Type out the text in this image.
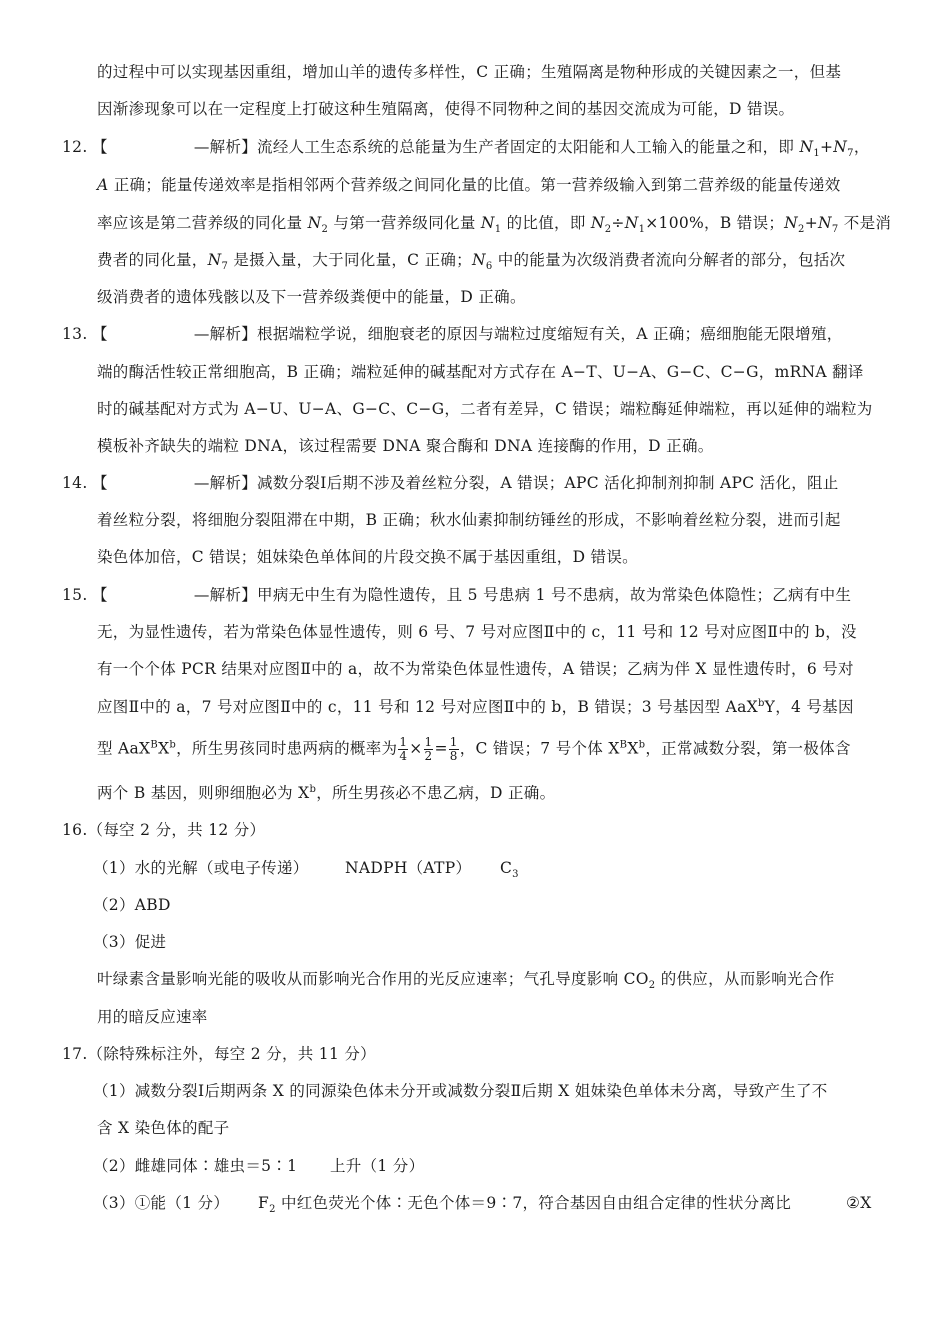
的过程中可以实现基因重组，增加山羊的遗传多样性，C 正确；生殖隔离是物种形成的关键因素之一，但基
因渐渗现象可以在一定程度上打破这种生殖隔离，使得不同物种之间的基因交流成为可能，D 错误。
12. 【	—解析】流经人工生态系统的总能量为生产者固定的太阳能和人工输入的能量之和，即 $N_1+N_7$，
A 正确；能量传递效率是指相邻两个营养级之间同化量的比值。第一营养级输入到第二营养级的能量传递效
率应该是第二营养级的同化量 $N_2$ 与第一营养级同化量 $N_1$ 的比值，即 $N_2\div N_1\times 100\%$，B 错误；$N_2+N_7$ 不是消
费者的同化量，$N_7$ 是摄入量，大于同化量，C 正确；$N_6$ 中的能量为次级消费者流向分解者的部分，包括次
级消费者的遗体残骸以及下一营养级粪便中的能量，D 正确。
13. 【	—解析】根据端粒学说，细胞衰老的原因与端粒过度缩短有关，A 正确；癌细胞能无限增殖，
端的酶活性较正常细胞高，B 正确；端粒延伸的碱基配对方式存在 A−T、U−A、G−C、C−G，mRNA 翻译
时的碱基配对方式为 A−U、U−A、G−C、C−G，二者有差异，C 错误；端粒酶延伸端粒，再以延伸的端粒为
模板补齐缺失的端粒 DNA，该过程需要 DNA 聚合酶和 DNA 连接酶的作用，D 正确。
14. 【	—解析】减数分裂Ⅰ后期不涉及着丝粒分裂，A 错误；APC 活化抑制剂抑制 APC 活化，阻止
着丝粒分裂，将细胞分裂阻滞在中期，B 正确；秋水仙素抑制纺锤丝的形成，不影响着丝粒分裂，进而引起
染色体加倍，C 错误；姐妹染色单体间的片段交换不属于基因重组，D 错误。
15. 【	—解析】甲病无中生有为隐性遗传，且 5 号患病 1 号不患病，故为常染色体隐性；乙病有中生
无，为显性遗传，若为常染色体显性遗传，则 6 号、7 号对应图Ⅱ中的 c，11 号和 12 号对应图Ⅱ中的 b，没
有一个个体 PCR 结果对应图Ⅱ中的 a，故不为常染色体显性遗传，A 错误；乙病为伴 X 显性遗传时，6 号对
应图Ⅱ中的 a，7 号对应图Ⅱ中的 c，11 号和 12 号对应图Ⅱ中的 b，B 错误；3 号基因型 AaX$^b$Y，4 号基因
型 $AaX^BX^b$，所生男孩同时患两病的概率为 $\frac{1}{4} \times \frac{1}{2} = \frac{1}{8}$ ，C 错误；7 号个体 $X^BX^b$，正常减数分裂，第一极体含
两个 B 基因，则卵细胞必为 $X^b$，所生男孩必不患乙病，D 正确。
16.（每空 2 分，共 12 分）
（1）水的光解（或电子传递） NADPH（ATP） $C_3$
（2）ABD
（3）促进
叶绿素含量影响光能的吸收从而影响光合作用的光反应速率；气孔导度影响 $CO_2$ 的供应，从而影响光合作
用的暗反应速率
17.（除特殊标注外，每空 2 分，共 11 分）
（1）减数分裂Ⅰ后期两条 X 的同源染色体未分开或减数分裂Ⅱ后期 X 姐妹染色单体未分离，导致产生了不
含 X 染色体的配子
（2）雌雄同体∶雄虫＝5∶1 上升（1 分）
（3）①能（1 分） $F_2$ 中红色荧光个体∶无色个体＝9∶7，符合基因自由组合定律的性状分离比	②X
